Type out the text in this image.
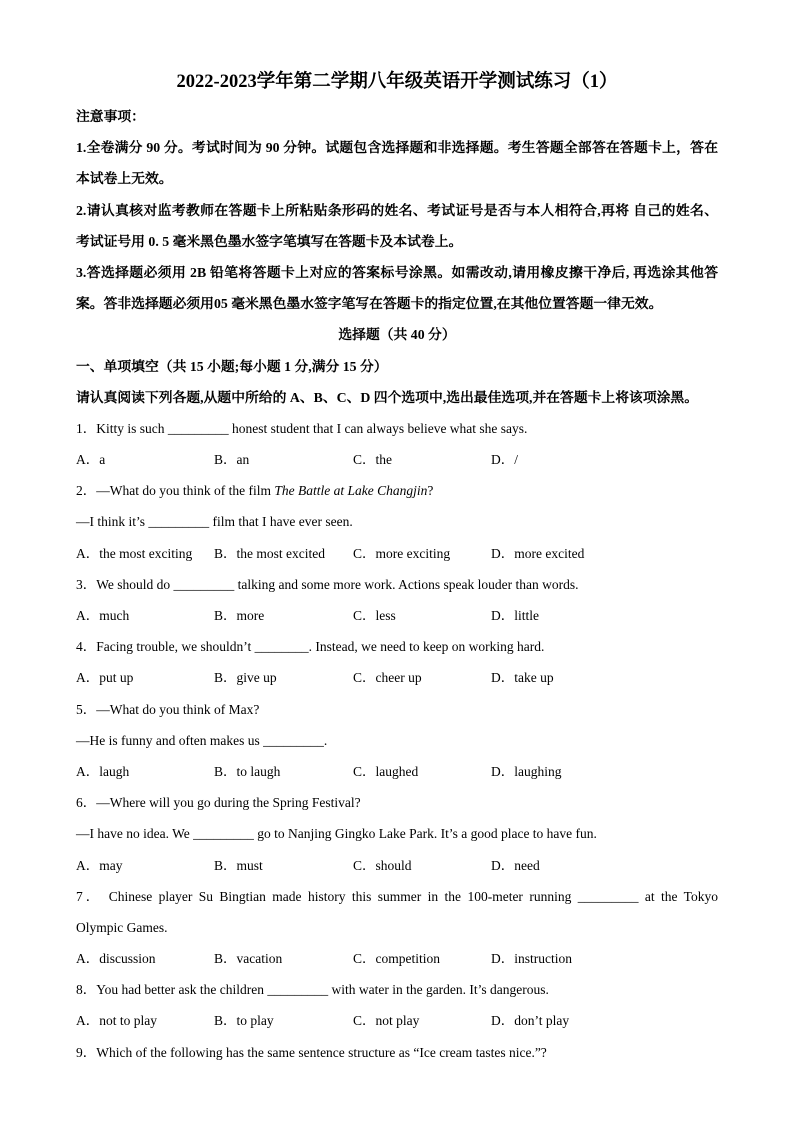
2022-2023学年第二学期八年级英语开学测试练习（1）
注意事项：
1.全卷满分 90 分。考试时间为 90 分钟。试题包含选择题和非选择题。考生答题全部答在答题卡上，答在
本试卷上无效。
2.请认真核对监考教师在答题卡上所粘贴条形码的姓名、考试证号是否与本人相符合,再将 自己的姓名、
考试证号用 0. 5 毫米黑色墨水签字笔填写在答题卡及本试卷上。
3.答选择题必须用 2B 铅笔将答题卡上对应的答案标号涂黑。如需改动,请用橡皮擦干净后, 再选涂其他答
案。答非选择题必须用05 毫米黑色墨水签字笔写在答题卡的指定位置,在其他位置答题一律无效。
选择题（共 40 分）
一、单项填空（共 15 小题;每小题 1 分,满分 15 分）
请认真阅读下列各题,从题中所给的 A、B、C、D 四个选项中,选出最佳选项,并在答题卡上将该项涂黑。
1．Kitty is such _________ honest student that I can always believe what she says.
A．a	B．an	C．the	D．/
2．—What do you think of the film The Battle at Lake Changjin?
—I think it’s _________ film that I have ever seen.
A．the most exciting B．the most excited C．more exciting	D．more excited
3．We should do _________ talking and some more work. Actions speak louder than words.
A．much	B．more	C．less	D．little
4．Facing trouble, we shouldn’t ________. Instead, we need to keep on working hard.
A．put up	B．give up	C．cheer up	D．take up
5．—What do you think of Max?
—He is funny and often makes us _________.
A．laugh	B．to laugh	C．laughed	D．laughing
6．—Where will you go during the Spring Festival?
—I have no idea. We _________ go to Nanjing Gingko Lake Park. It’s a good place to have fun.
A．may	B．must	C．should	D．need
7． Chinese player Su Bingtian made history this summer in the 100-meter running _________ at the Tokyo
Olympic Games.
A．discussion	B．vacation	C．competition	D．instruction
8．You had better ask the children _________ with water in the garden. It’s dangerous.
A．not to play	B．to play	C．not play	D．don’t play
9．Which of the following has the same sentence structure as “Ice cream tastes nice.”?
